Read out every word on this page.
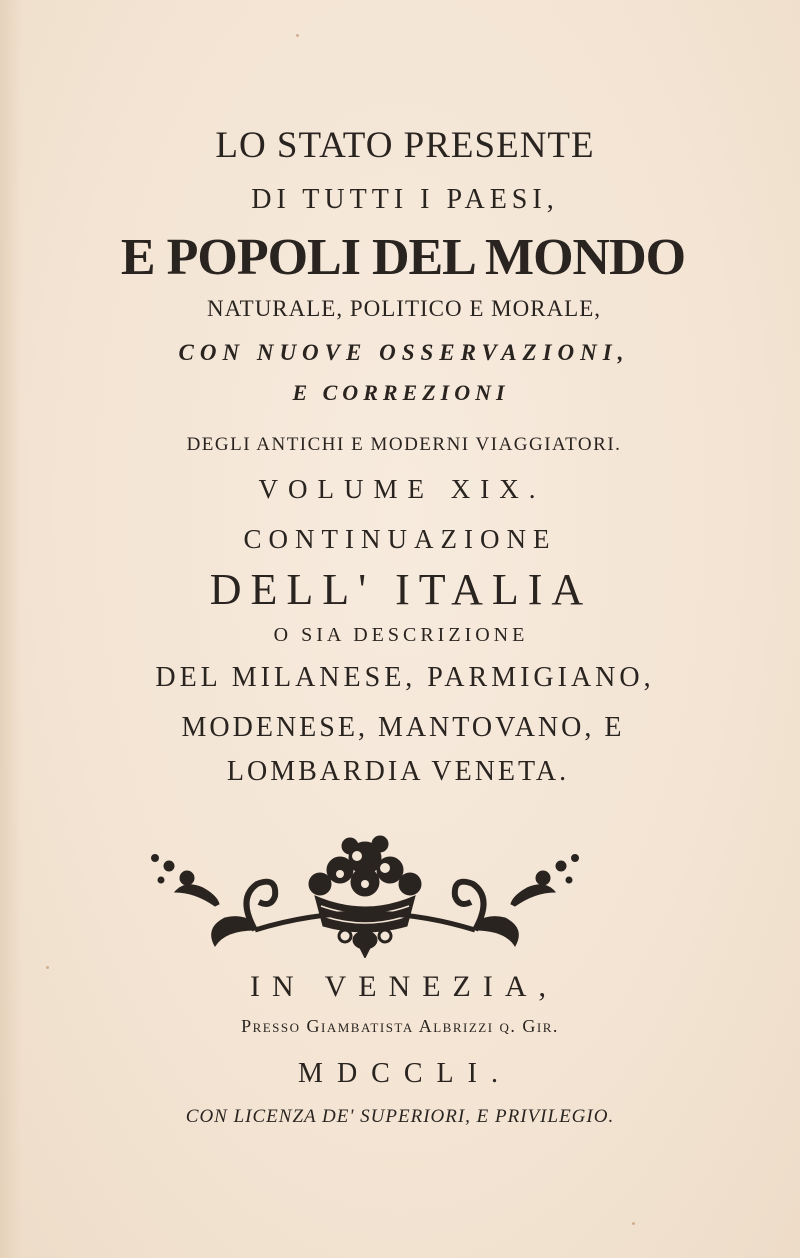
LO STATO PRESENTE
DI TUTTI I PAESI,
E POPOLI DEL MONDO
NATURALE, POLITICO E MORALE,
CON NUOVE OSSERVAZIONI,
E CORREZIONI
DEGLI ANTICHI E MODERNI VIAGGIATORI.
VOLUME XIX.
CONTINUAZIONE
DELL' ITALIA
O SIA DESCRIZIONE
DEL MILANESE, PARMIGIANO,
MODENESE, MANTOVANO, E
LOMBARDIA VENETA.
IN VENEZIA,
Presso Giambatista Albrizzi q. Gir.
MDCCLI.
CON LICENZA DE' SUPERIORI, E PRIVILEGIO.
